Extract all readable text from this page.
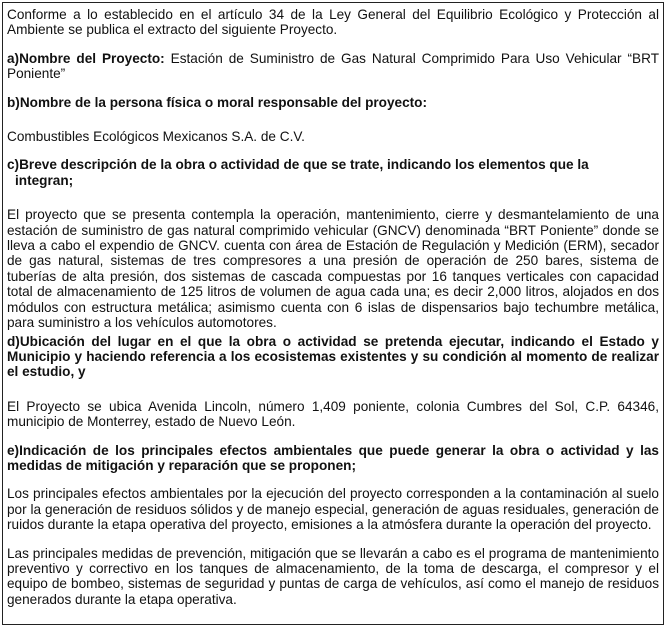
Conforme a lo establecido en el artículo 34 de la Ley General del Equilibrio Ecológico y Protección al Ambiente se publica el extracto del siguiente Proyecto.

a)Nombre del Proyecto: Estación de Suministro de Gas Natural Comprimido Para Uso Vehicular “BRT Poniente”

b)Nombre de la persona física o moral responsable del proyecto:

Combustibles Ecológicos Mexicanos S.A. de C.V.

c)Breve descripción de la obra o actividad de que se trate, indicando los elementos que la
integran;

El proyecto que se presenta contempla la operación, mantenimiento, cierre y desmantelamiento de una estación de suministro de gas natural comprimido vehicular (GNCV) denominada “BRT Poniente” donde se lleva a cabo el expendio de GNCV. cuenta con área de Estación de Regulación y Medición (ERM), secador de gas natural, sistemas de tres compresores a una presión de operación de 250 bares, sistema de tuberías de alta presión, dos sistemas de cascada compuestas por 16 tanques verticales con capacidad total de almacenamiento de 125 litros de volumen de agua cada una; es decir 2,000 litros, alojados en dos módulos con estructura metálica; asimismo cuenta con 6 islas de dispensarios bajo techumbre metálica, para suministro a los vehículos automotores.

d)Ubicación del lugar en el que la obra o actividad se pretenda ejecutar, indicando el Estado y Municipio y haciendo referencia a los ecosistemas existentes y su condición al momento de realizar el estudio, y

El Proyecto se ubica Avenida Lincoln, número 1,409 poniente, colonia Cumbres del Sol, C.P. 64346, municipio de Monterrey, estado de Nuevo León.

e)Indicación de los principales efectos ambientales que puede generar la obra o actividad y las medidas de mitigación y reparación que se proponen;

Los principales efectos ambientales por la ejecución del proyecto corresponden a la contaminación al suelo por la generación de residuos sólidos y de manejo especial, generación de aguas residuales, generación de ruidos durante la etapa operativa del proyecto, emisiones a la atmósfera durante la operación del proyecto.

Las principales medidas de prevención, mitigación que se llevarán a cabo es el programa de mantenimiento preventivo y correctivo en los tanques de almacenamiento, de la toma de descarga, el compresor y el equipo de bombeo, sistemas de seguridad y puntas de carga de vehículos, así como el manejo de residuos generados durante la etapa operativa.
